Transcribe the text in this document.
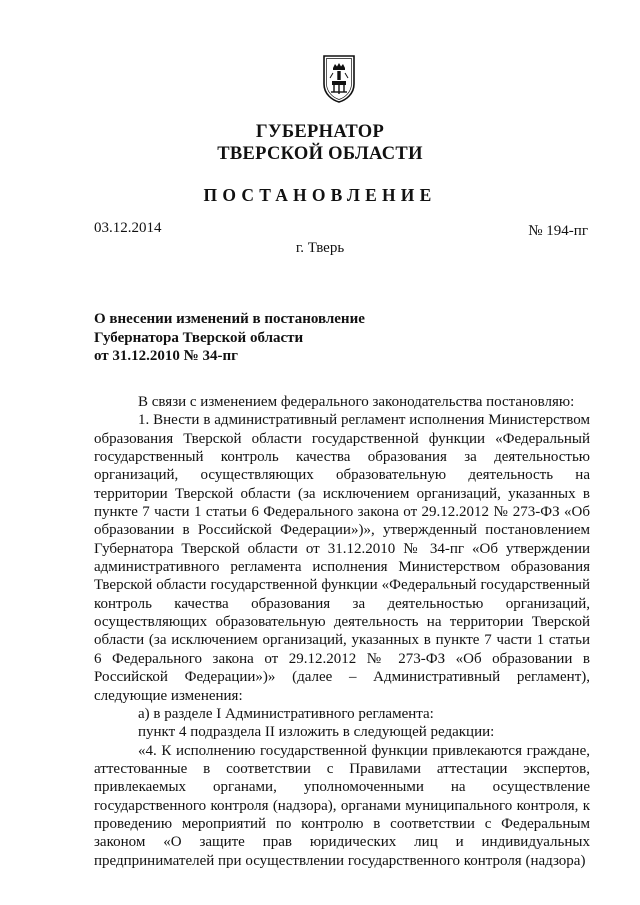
ГУБЕРНАТОР
ТВЕРСКОЙ ОБЛАСТИ
ПОСТАНОВЛЕНИЕ
03.12.2014	№ 194-пг
г. Тверь
О внесении изменений в постановление
Губернатора Тверской области
от 31.12.2010 № 34-пг

В связи с изменением федерального законодательства постановляю:

1. Внести в административный регламент исполнения Министерством образования Тверской области государственной функции «Федеральный государственный контроль качества образования за деятельностью организаций, осуществляющих образовательную деятельность на территории Тверской области (за исключением организаций, указанных в пункте 7 части 1 статьи 6 Федерального закона от 29.12.2012 № 273-ФЗ «Об образовании в Российской Федерации»)», утвержденный постановлением Губернатора Тверской области от 31.12.2010 № 34-пг «Об утверждении административного регламента исполнения Министерством образования Тверской области государственной функции «Федеральный государственный контроль качества образования за деятельностью организаций, осуществляющих образовательную деятельность на территории Тверской области (за исключением организаций, указанных в пункте 7 части 1 статьи 6 Федерального закона от 29.12.2012 № 273-ФЗ «Об образовании в Российской Федерации»)» (далее – Административный регламент), следующие изменения:

а) в разделе I Административного регламента:

пункт 4 подраздела II изложить в следующей редакции:

«4. К исполнению государственной функции привлекаются граждане, аттестованные в соответствии с Правилами аттестации экспертов, привлекаемых органами, уполномоченными на осуществление государственного контроля (надзора), органами муниципального контроля, к проведению мероприятий по контролю в соответствии с Федеральным законом «О защите прав юридических лиц и индивидуальных предпринимателей при осуществлении государственного контроля (надзора)
